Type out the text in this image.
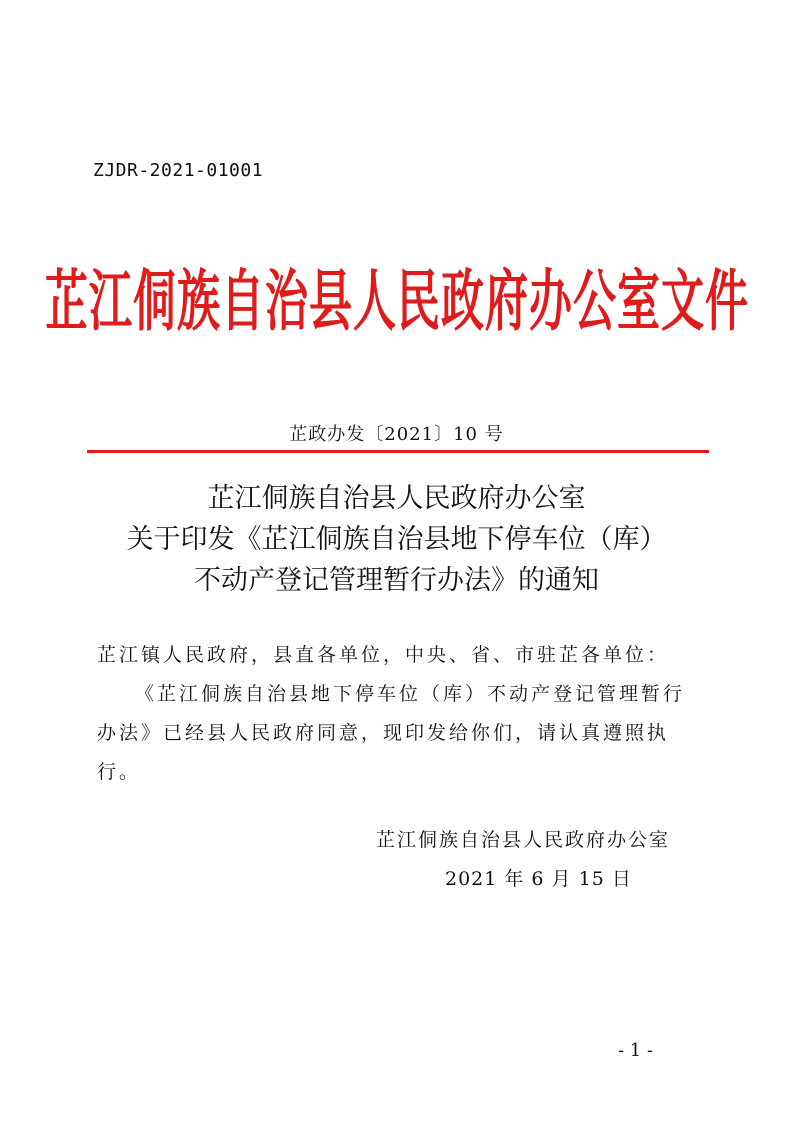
ZJDR-2021-01001
芷江侗族自治县人民政府办公室文件
芷政办发〔2021〕10 号
芷江侗族自治县人民政府办公室
关于印发《芷江侗族自治县地下停车位（库）
不动产登记管理暂行办法》的通知

芷江镇人民政府，县直各单位，中央、省、市驻芷各单位：

《芷江侗族自治县地下停车位（库）不动产登记管理暂行办法》已经县人民政府同意，现印发给你们，请认真遵照执行。

芷江侗族自治县人民政府办公室
2021 年 6 月 15 日
- 1 -
